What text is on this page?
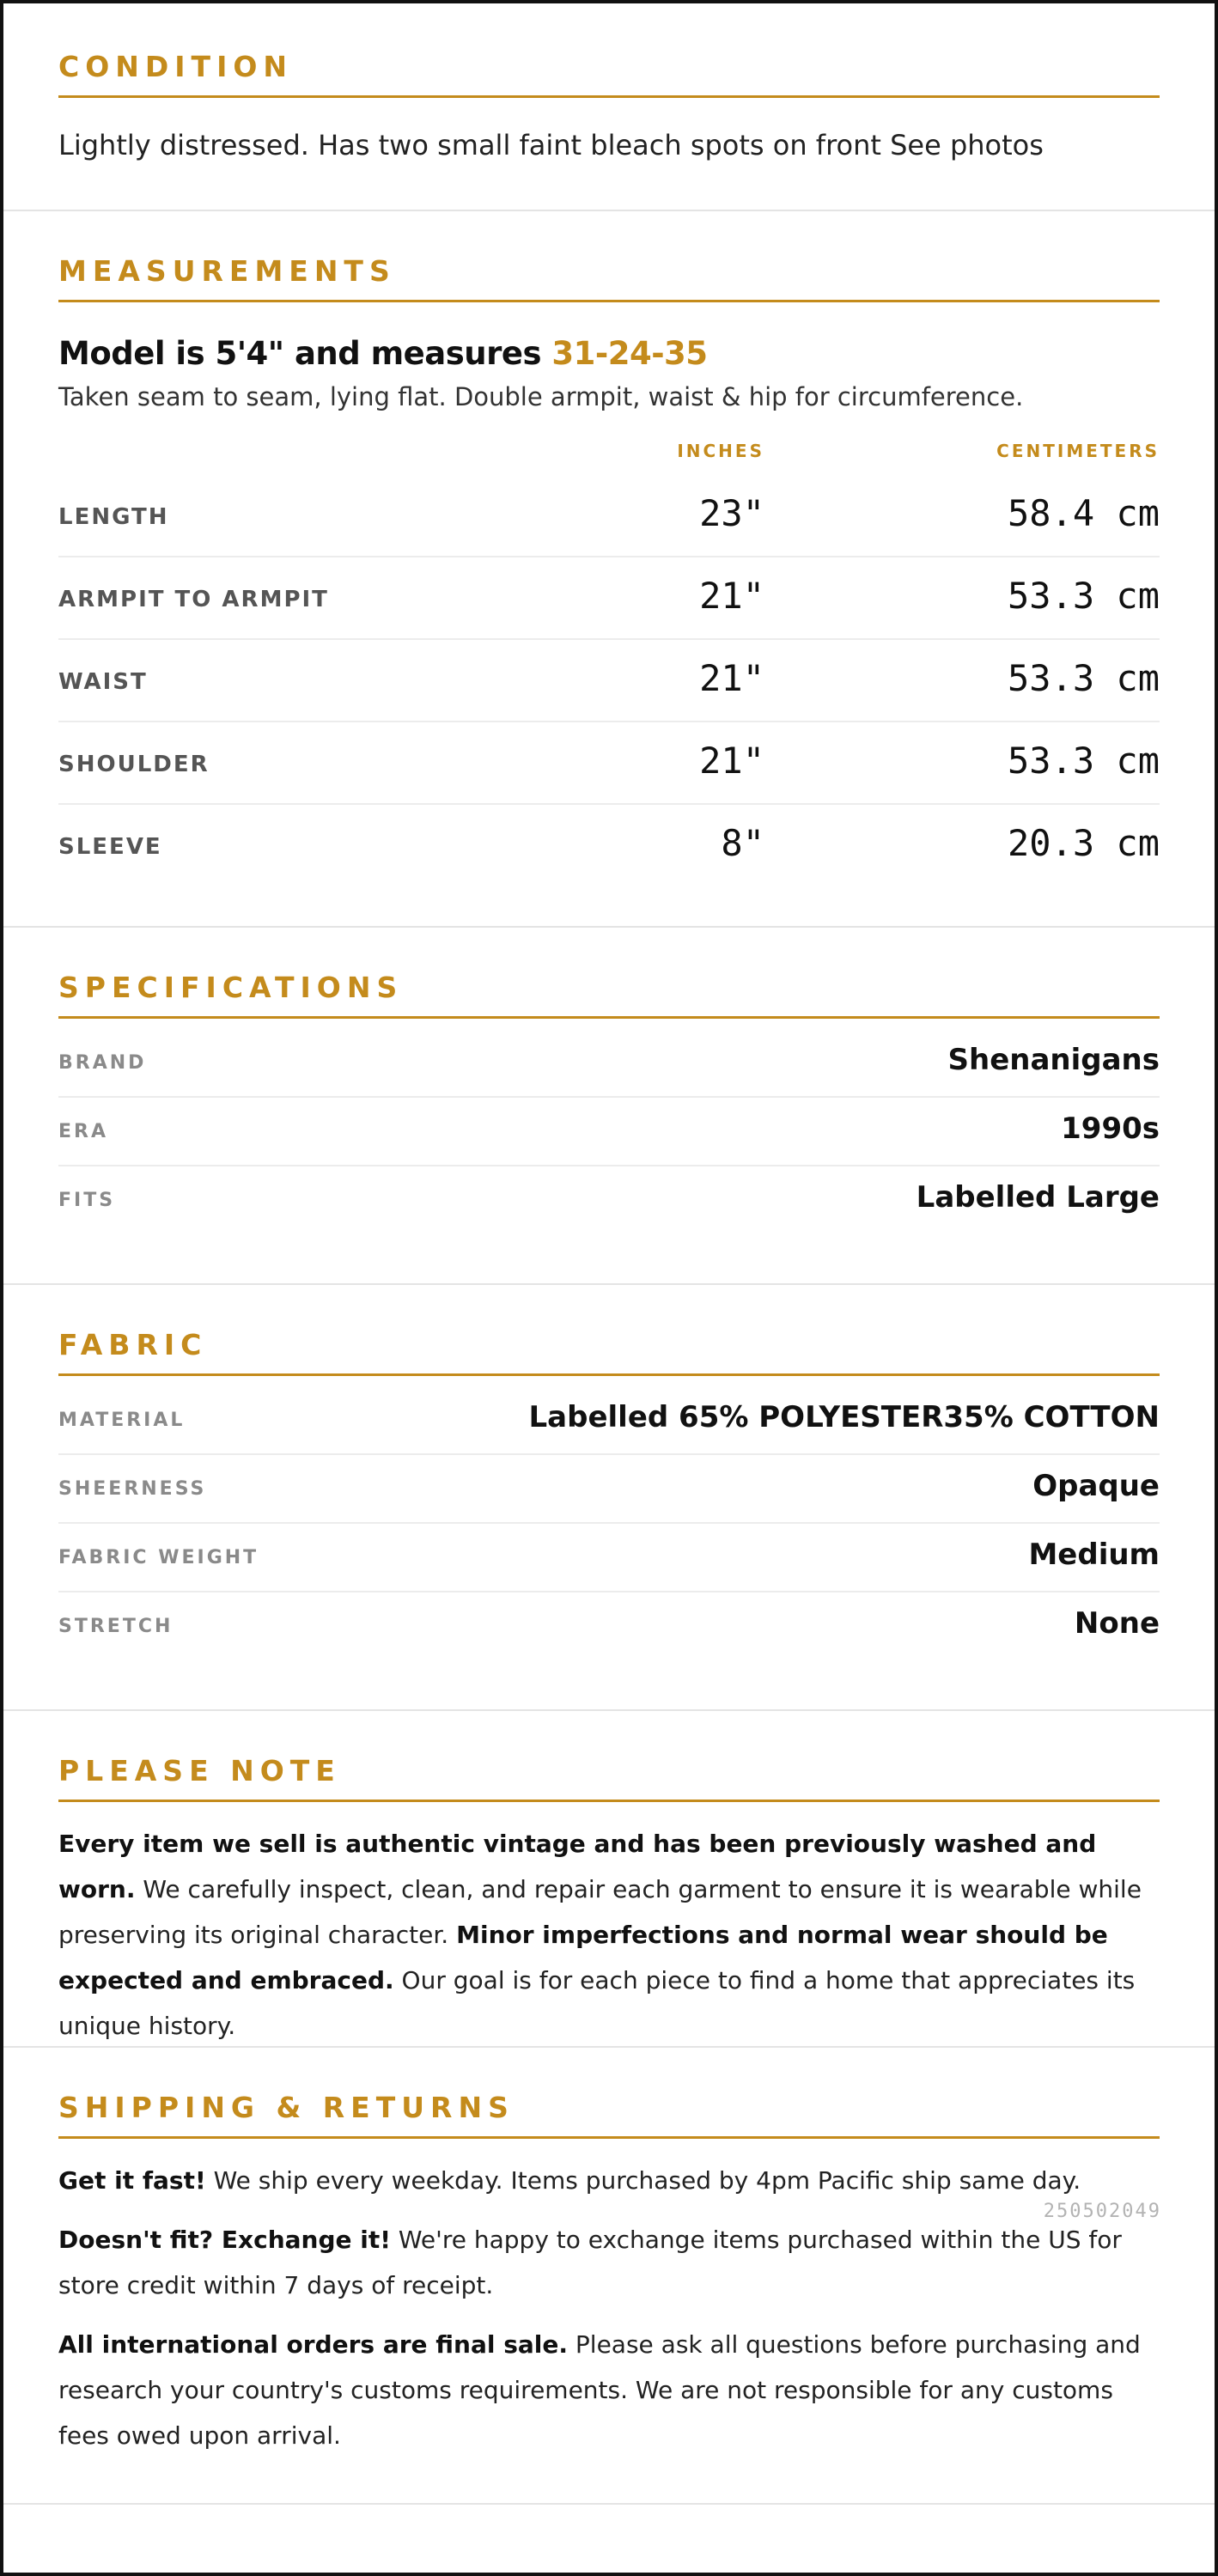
CONDITION
Lightly distressed. Has two small faint bleach spots on front See photos
MEASUREMENTS
Model is 5'4" and measures 31-24-35
Taken seam to seam, lying flat. Double armpit, waist & hip for circumference.
INCHES	CENTIMETERS
LENGTH	23"	58.4 cm
ARMPIT TO ARMPIT	21"	53.3 cm
WAIST	21"	53.3 cm
SHOULDER	21"	53.3 cm
SLEEVE	8"	20.3 cm
SPECIFICATIONS
BRAND	Shenanigans
ERA	1990s
FITS	Labelled Large
FABRIC
MATERIAL	Labelled 65% POLYESTER35% COTTON
SHEERNESS	Opaque
FABRIC WEIGHT	Medium
STRETCH	None
PLEASE NOTE

Every item we sell is authentic vintage and has been previously washed and worn. We carefully inspect, clean, and repair each garment to ensure it is wearable while preserving its original character. Minor imperfections and normal wear should be expected and embraced. Our goal is for each piece to find a home that appreciates its unique history.

SHIPPING & RETURNS

Get it fast! We ship every weekday. Items purchased by 4pm Pacific ship same day.

Doesn't fit? Exchange it! We're happy to exchange items purchased within the US for store credit within 7 days of receipt.

All international orders are final sale. Please ask all questions before purchasing and research your country's customs requirements. We are not responsible for any customs fees owed upon arrival.

250502049
